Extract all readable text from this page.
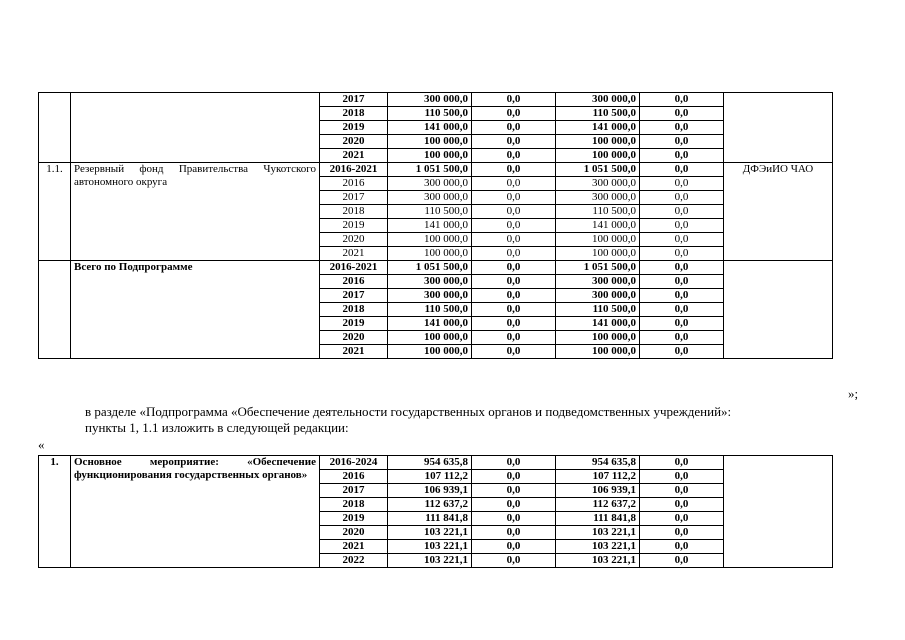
		2017	300 000,0	0,0	300 000,0	0,0	
		2018	110 500,0	0,0	110 500,0	0,0	
		2019	141 000,0	0,0	141 000,0	0,0	
		2020	100 000,0	0,0	100 000,0	0,0	
		2021	100 000,0	0,0	100 000,0	0,0	
1.1.	Резервный фонд Правительства Чукотского автономного округа	2016-2021	1 051 500,0	0,0	1 051 500,0	0,0	ДФЭиИО ЧАО
		2016	300 000,0	0,0	300 000,0	0,0	
		2017	300 000,0	0,0	300 000,0	0,0	
		2018	110 500,0	0,0	110 500,0	0,0	
		2019	141 000,0	0,0	141 000,0	0,0	
		2020	100 000,0	0,0	100 000,0	0,0	
		2021	100 000,0	0,0	100 000,0	0,0	
	Всего по Подпрограмме	2016-2021	1 051 500,0	0,0	1 051 500,0	0,0	
		2016	300 000,0	0,0	300 000,0	0,0	
		2017	300 000,0	0,0	300 000,0	0,0	
		2018	110 500,0	0,0	110 500,0	0,0	
		2019	141 000,0	0,0	141 000,0	0,0	
		2020	100 000,0	0,0	100 000,0	0,0	
		2021	100 000,0	0,0	100 000,0	0,0	
»;
в разделе «Подпрограмма «Обеспечение деятельности государственных органов и подведомственных учреждений»:
пункты 1, 1.1 изложить в следующей редакции:
«
1.	Основное мероприятие: «Обеспечение функционирования государственных органов»	2016-2024	954 635,8	0,0	954 635,8	0,0	
		2016	107 112,2	0,0	107 112,2	0,0	
		2017	106 939,1	0,0	106 939,1	0,0	
		2018	112 637,2	0,0	112 637,2	0,0	
		2019	111 841,8	0,0	111 841,8	0,0	
		2020	103 221,1	0,0	103 221,1	0,0	
		2021	103 221,1	0,0	103 221,1	0,0	
		2022	103 221,1	0,0	103 221,1	0,0	
